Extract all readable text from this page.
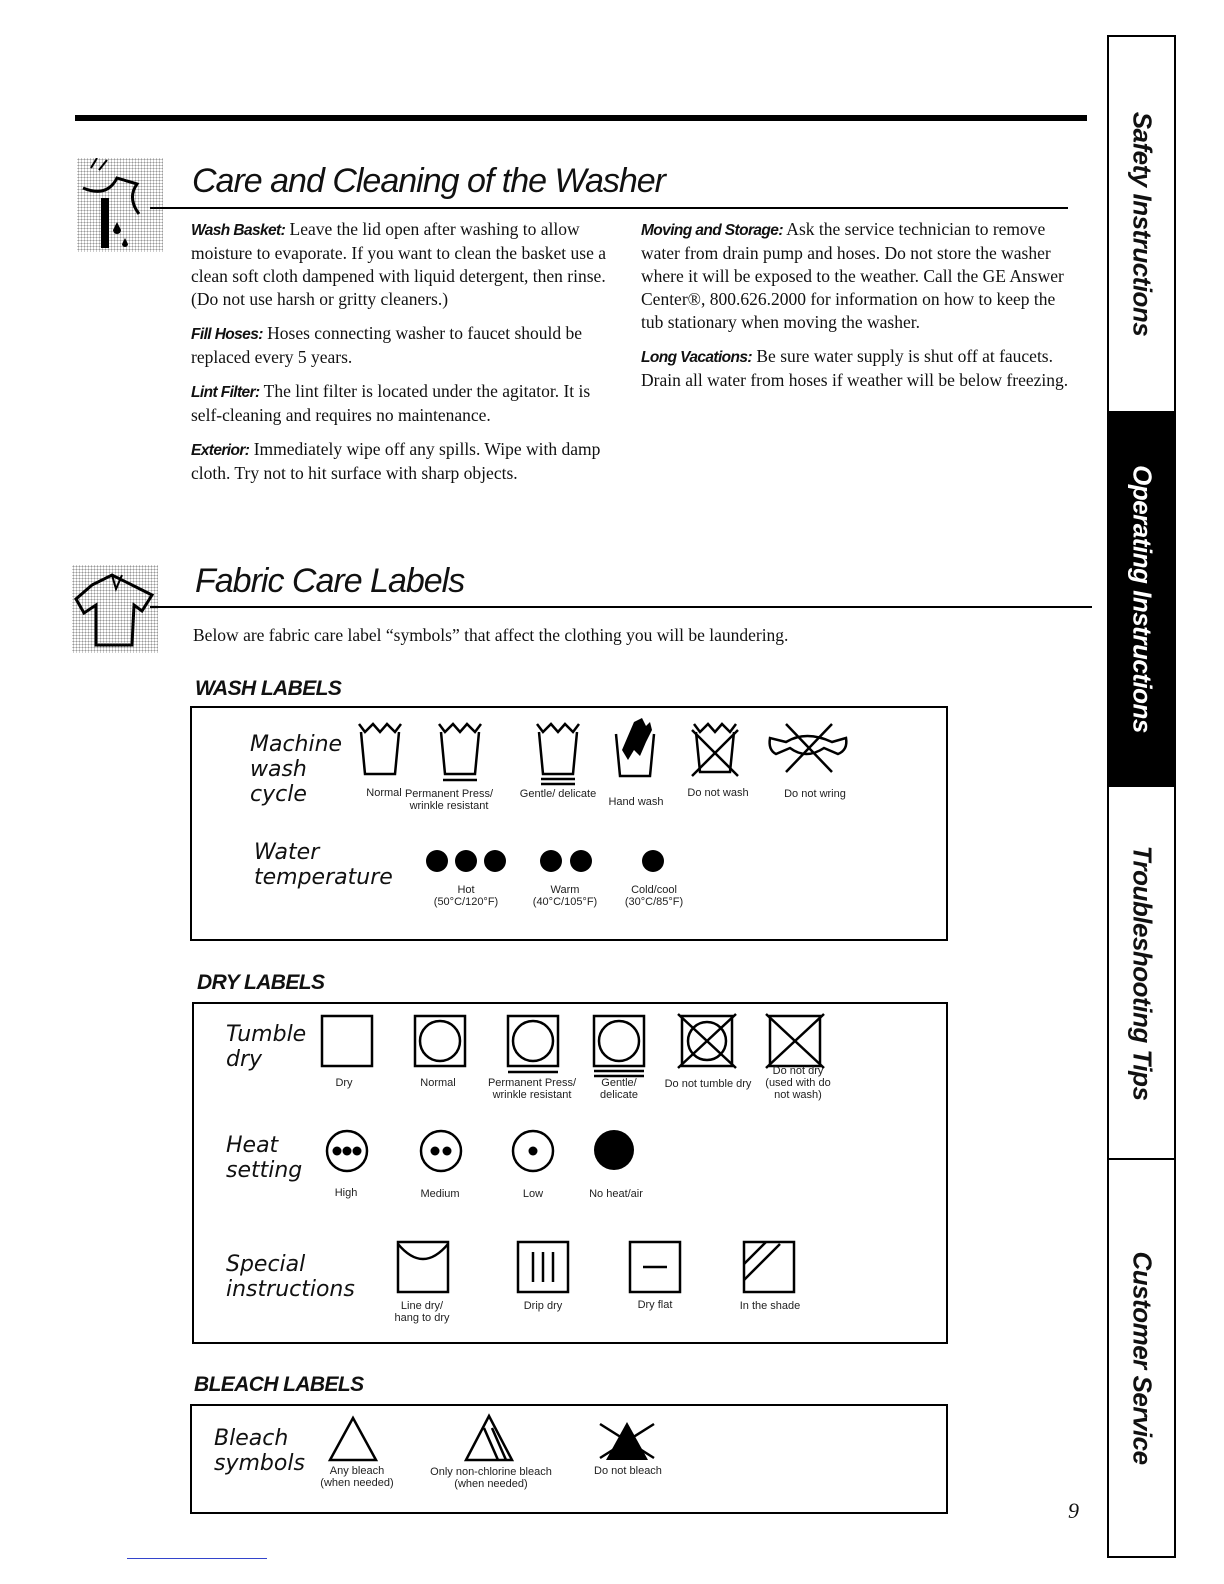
Care and Cleaning of the Washer

Wash Basket: Leave the lid open after washing to allow moisture to evaporate. If you want to clean the basket use a clean soft cloth dampened with liquid detergent, then rinse. (Do not use harsh or gritty cleaners.)

Fill Hoses: Hoses connecting washer to faucet should be replaced every 5 years.

Lint Filter: The lint filter is located under the agitator. It is self-cleaning and requires no maintenance.

Exterior: Immediately wipe off any spills. Wipe with damp cloth. Try not to hit surface with sharp objects.

Moving and Storage: Ask the service technician to remove water from drain pump and hoses. Do not store the washer where it will be exposed to the weather. Call the GE Answer Center®, 800.626.2000 for information on how to keep the tub stationary when moving the washer.

Long Vacations: Be sure water supply is shut off at faucets. Drain all water from hoses if weather will be below freezing.

Fabric Care Labels

Below are fabric care label “symbols” that affect the clothing you will be laundering.

WASH LABELS
Machine
wash
cycle	Normal Permanent Press/ wrinkle resistant
Gentle/ delicate
Hand wash
Do not wash	Do not wring
Water
temperature	Hot
(50°C/120°F)
Warm
(40°C/105°F)
Cold/cool
(30°C/85°F)
DRY LABELS
Tumble
dry
Dry	Normal	Permanent Press/ wrinkle resistant
Gentle/ delicate
Do not tumble dry
Do not dry (used with do not wash)
Heat
setting
High	Medium	Low	No heat/air
Special
instructions
Line dry/ hang to dry
Drip dry	Dry flat	In the shade
BLEACH LABELS
Bleach
symbols	Any bleach (when needed)
Only non-chlorine bleach (when needed)
Do not bleach
Safety Instructions
Operating Instructions
Troubleshooting Tips
Customer Service
9
